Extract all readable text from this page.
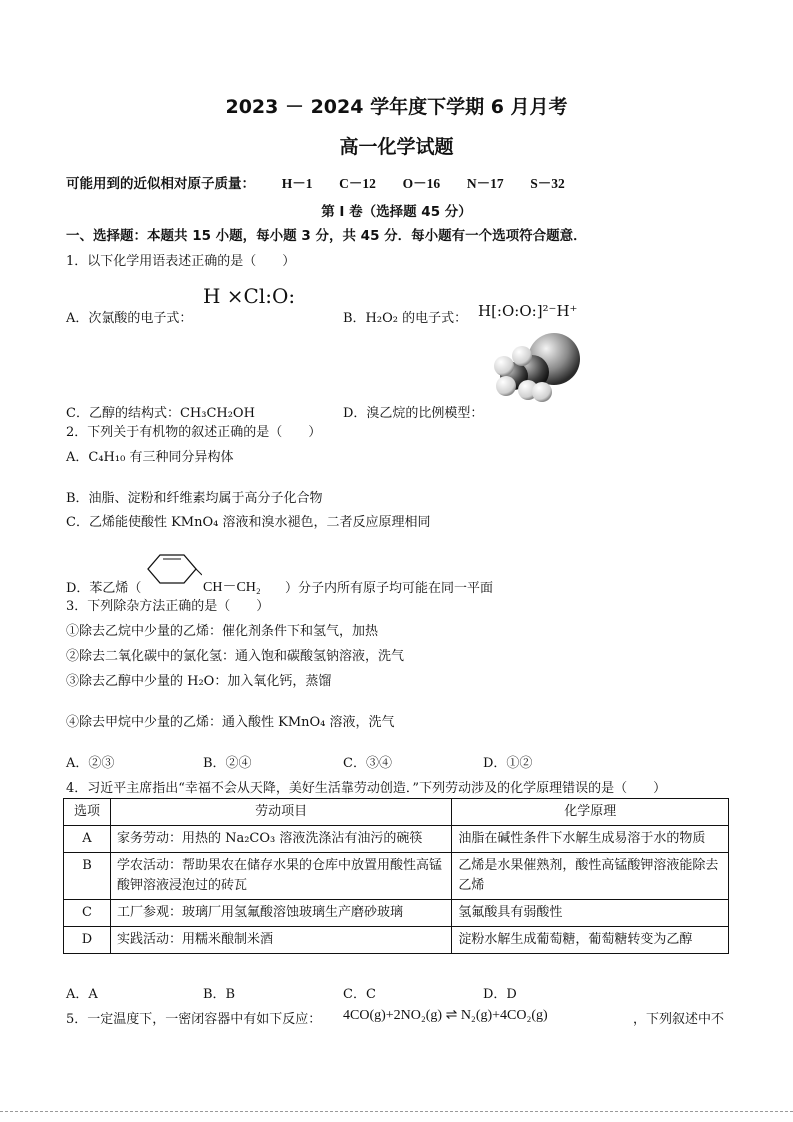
2023 － 2024 学年度下学期 6 月月考
高一化学试题
可能用到的近似相对原子质量： H－1 C－12 O－16 N－17 S－32
第 I 卷（选择题 45 分）
一、选择题：本题共 15 小题，每小题 3 分，共 45 分．每小题有一个选项符合题意．
1．以下化学用语表述正确的是（　　）
A．次氯酸的电子式：
H ×Cl:O:
B．H₂O₂ 的电子式： H[:O:O:]²⁻H⁺
C．乙醇的结构式：CH₃CH₂OH	D．溴乙烷的比例模型：
2．下列关于有机物的叙述正确的是（　　）
A．C₄H₁₀ 有三种同分异构体
B．油脂、淀粉和纤维素均属于高分子化合物
C．乙烯能使酸性 KMnO₄ 溶液和溴水褪色，二者反应原理相同
D．苯乙烯（	CH－CH₂ ）分子内所有原子均可能在同一平面
3．下列除杂方法正确的是（　　）
①除去乙烷中少量的乙烯：催化剂条件下和氢气，加热
②除去二氧化碳中的氯化氢：通入饱和碳酸氢钠溶液，洗气
③除去乙醇中少量的 H₂O：加入氧化钙，蒸馏
④除去甲烷中少量的乙烯：通入酸性 KMnO₄ 溶液，洗气
A．②③	B．②④	C．③④	D．①②
4．习近平主席指出“幸福不会从天降，美好生活靠劳动创造．”下列劳动涉及的化学原理错误的是（　　）
选项	劳动项目	化学原理
A	家务劳动：用热的 Na₂CO₃ 溶液洗涤沾有油污的碗筷	油脂在碱性条件下水解生成易溶于水的物质
B	学农活动：帮助果农在储存水果的仓库中放置用酸性高锰酸钾溶液浸泡过的砖瓦	乙烯是水果催熟剂，酸性高锰酸钾溶液能除去乙烯
C	工厂参观：玻璃厂用氢氟酸溶蚀玻璃生产磨砂玻璃	氢氟酸具有弱酸性
D	实践活动：用糯米酿制米酒	淀粉水解生成葡萄糖，葡萄糖转变为乙醇
A．A	B．B	C．C	D．D
5．一定温度下，一密闭容器中有如下反应： 4CO(g)+2NO₂(g) ⇌ N₂(g)+4CO₂(g)	，下列叙述中不
